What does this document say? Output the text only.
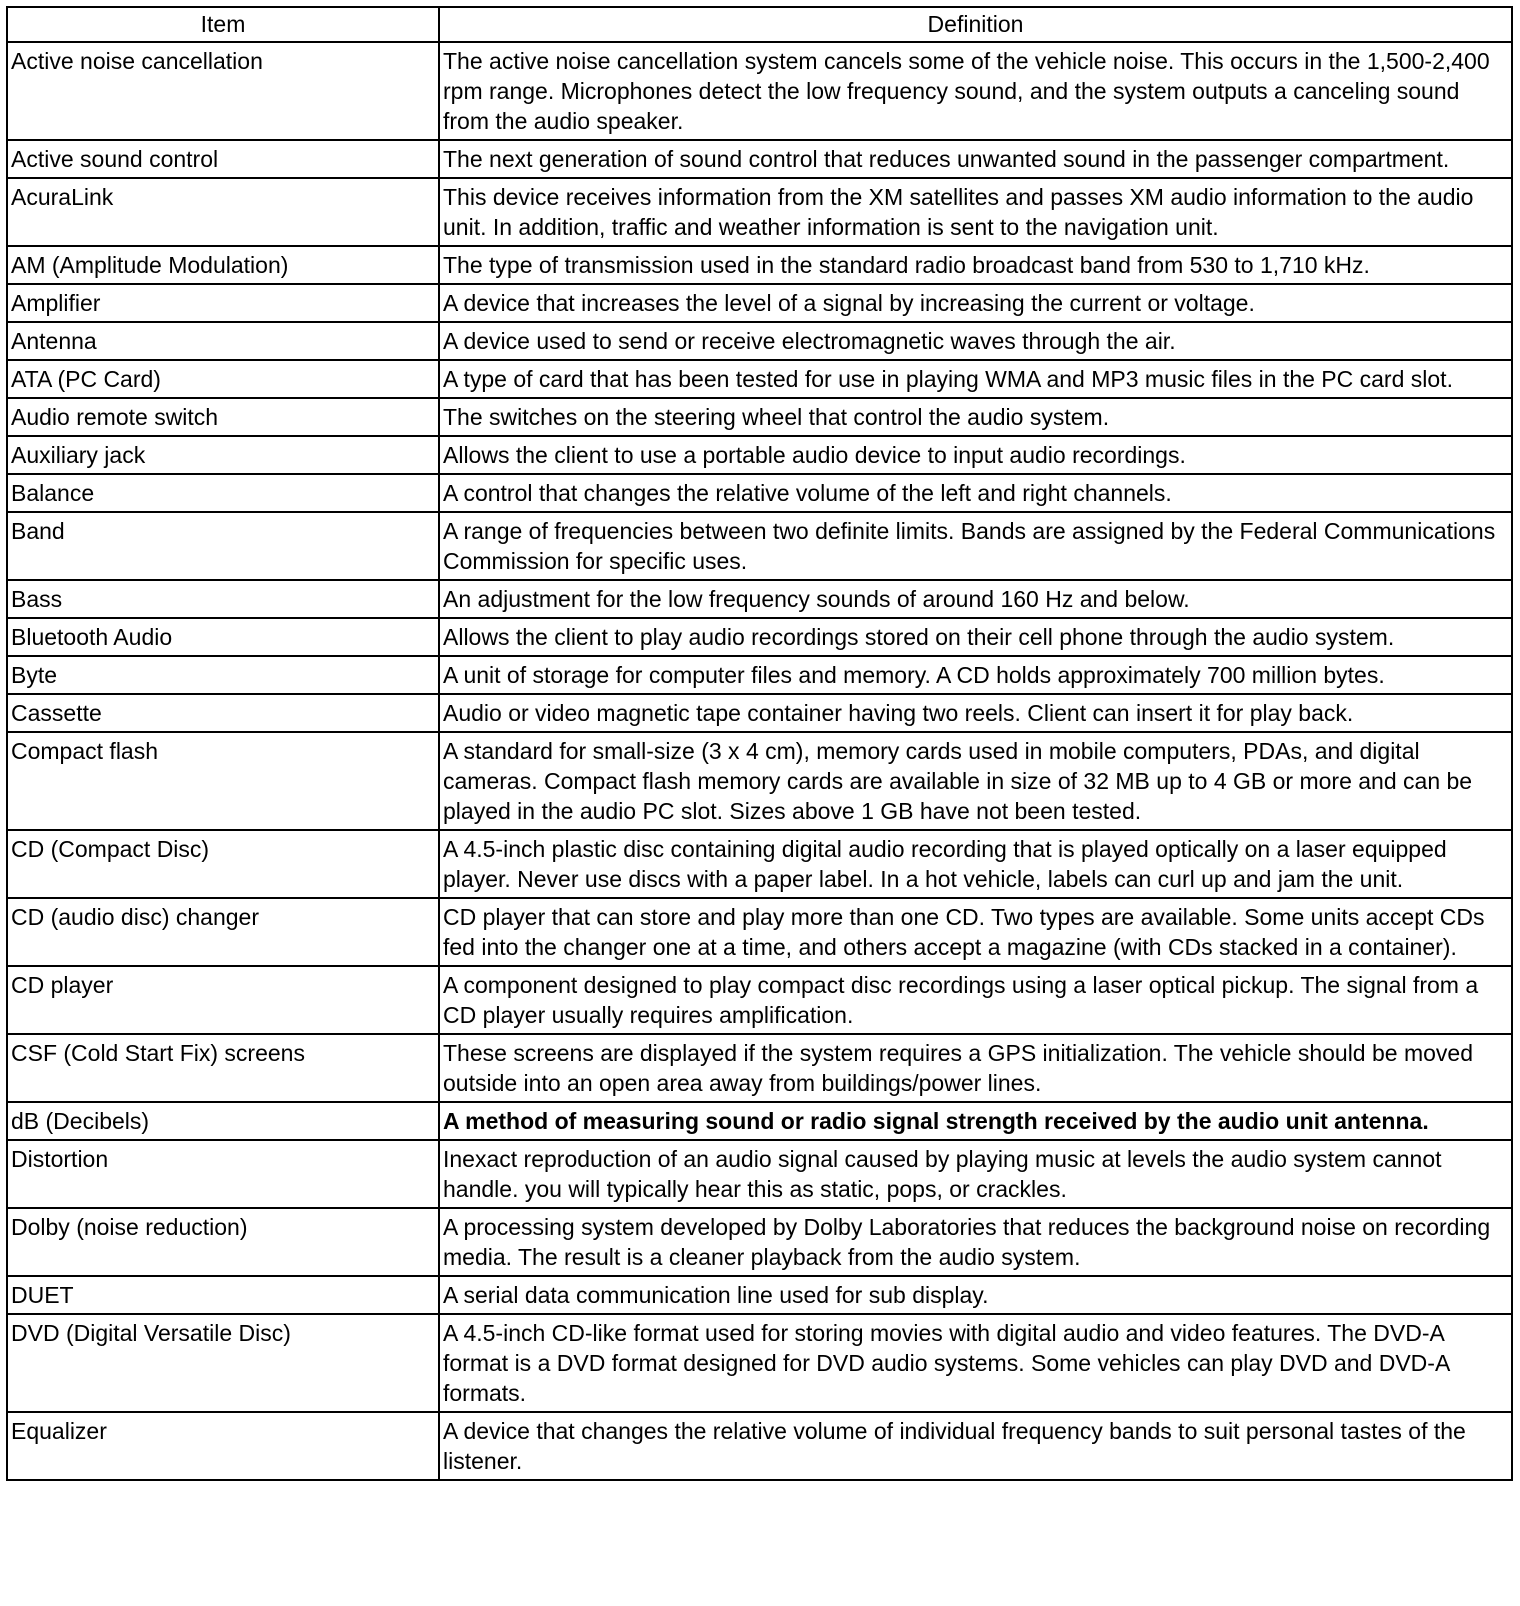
Item	Definition
Active noise cancellation	The active noise cancellation system cancels some of the vehicle noise. This occurs in the 1,500-2,400 rpm range. Microphones detect the low frequency sound, and the system outputs a canceling sound from the audio speaker.
Active sound control	The next generation of sound control that reduces unwanted sound in the passenger compartment.
AcuraLink	This device receives information from the XM satellites and passes XM audio information to the audio unit. In addition, traffic and weather information is sent to the navigation unit.
AM (Amplitude Modulation)	The type of transmission used in the standard radio broadcast band from 530 to 1,710 kHz.
Amplifier	A device that increases the level of a signal by increasing the current or voltage.
Antenna	A device used to send or receive electromagnetic waves through the air.
ATA (PC Card)	A type of card that has been tested for use in playing WMA and MP3 music files in the PC card slot.
Audio remote switch	The switches on the steering wheel that control the audio system.
Auxiliary jack	Allows the client to use a portable audio device to input audio recordings.
Balance	A control that changes the relative volume of the left and right channels.
Band	A range of frequencies between two definite limits. Bands are assigned by the Federal Communications Commission for specific uses.
Bass	An adjustment for the low frequency sounds of around 160 Hz and below.
Bluetooth Audio	Allows the client to play audio recordings stored on their cell phone through the audio system.
Byte	A unit of storage for computer files and memory. A CD holds approximately 700 million bytes.
Cassette	Audio or video magnetic tape container having two reels. Client can insert it for play back.
Compact flash	A standard for small-size (3 x 4 cm), memory cards used in mobile computers, PDAs, and digital cameras. Compact flash memory cards are available in size of 32 MB up to 4 GB or more and can be played in the audio PC slot. Sizes above 1 GB have not been tested.
CD (Compact Disc)	A 4.5-inch plastic disc containing digital audio recording that is played optically on a laser equipped player. Never use discs with a paper label. In a hot vehicle, labels can curl up and jam the unit.
CD (audio disc) changer	CD player that can store and play more than one CD. Two types are available. Some units accept CDs fed into the changer one at a time, and others accept a magazine (with CDs stacked in a container).
CD player	A component designed to play compact disc recordings using a laser optical pickup. The signal from a CD player usually requires amplification.
CSF (Cold Start Fix) screens	These screens are displayed if the system requires a GPS initialization. The vehicle should be moved outside into an open area away from buildings/power lines.
dB (Decibels)	A method of measuring sound or radio signal strength received by the audio unit antenna.
Distortion	Inexact reproduction of an audio signal caused by playing music at levels the audio system cannot handle. you will typically hear this as static, pops, or crackles.
Dolby (noise reduction)	A processing system developed by Dolby Laboratories that reduces the background noise on recording media. The result is a cleaner playback from the audio system.
DUET	A serial data communication line used for sub display.
DVD (Digital Versatile Disc)	A 4.5-inch CD-like format used for storing movies with digital audio and video features. The DVD-A format is a DVD format designed for DVD audio systems. Some vehicles can play DVD and DVD-A formats.
Equalizer	A device that changes the relative volume of individual frequency bands to suit personal tastes of the listener.
